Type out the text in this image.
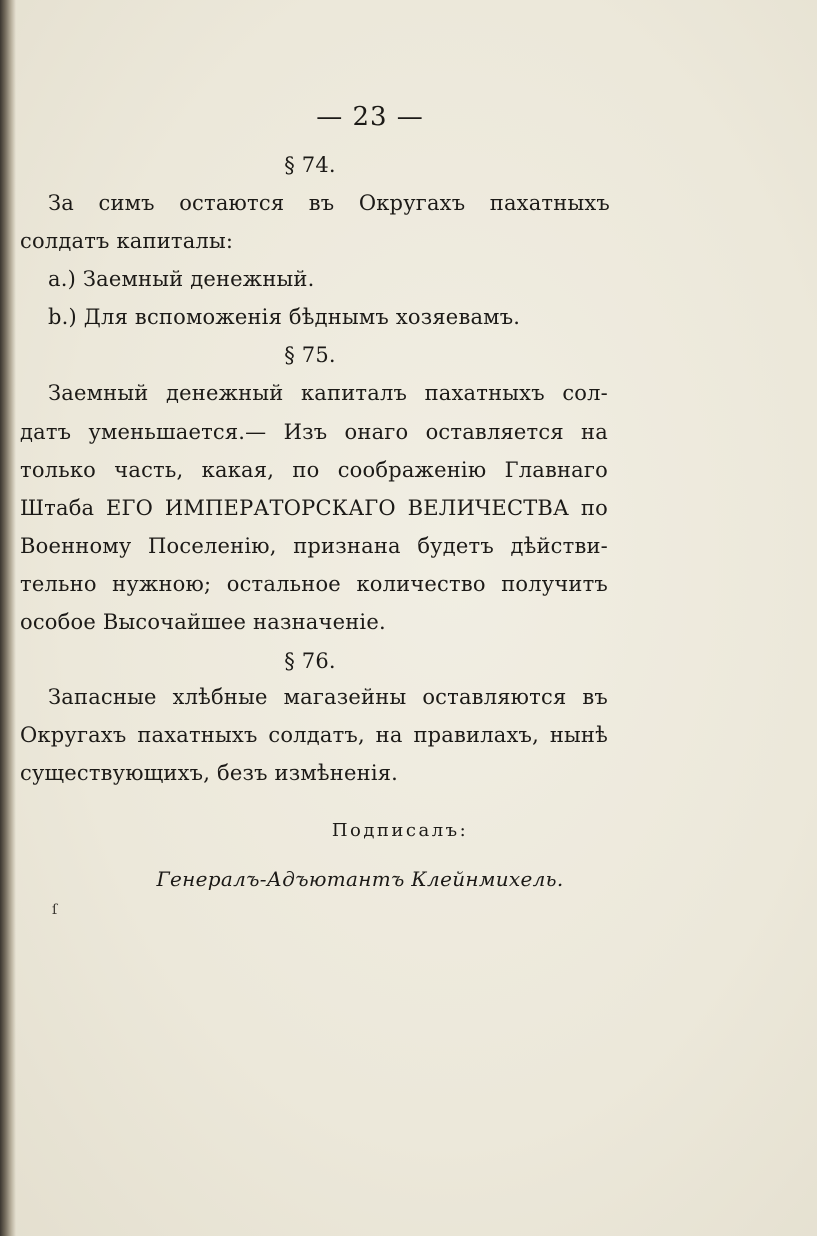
— 23 —
§ 74.
За симъ остаются въ Округахъ пахатныхъ
солдатъ капиталы:
a.) Заемный денежный.
b.) Для вспоможенія бѣднымъ хозяевамъ.
§ 75.
Заемный денежный капиталъ пахатныхъ сол-
датъ уменьшается.— Изъ онаго оставляется на
только часть, какая, по соображенію Главнаго
Штаба ЕГО ИМПЕРАТОРСКАГО ВЕЛИЧЕСТВА по
Военному Поселенію, признана будетъ дѣйстви-
тельно нужною; остальное количество получитъ
особое Высочайшее назначеніе.
§ 76.
Запасные хлѣбные магазейны оставляются въ
Округахъ пахатныхъ солдатъ, на правилахъ, нынѣ
существующихъ, безъ измѣненія.
Подписалъ:
Генералъ-Адъютантъ Клейнмихель.
ſ
